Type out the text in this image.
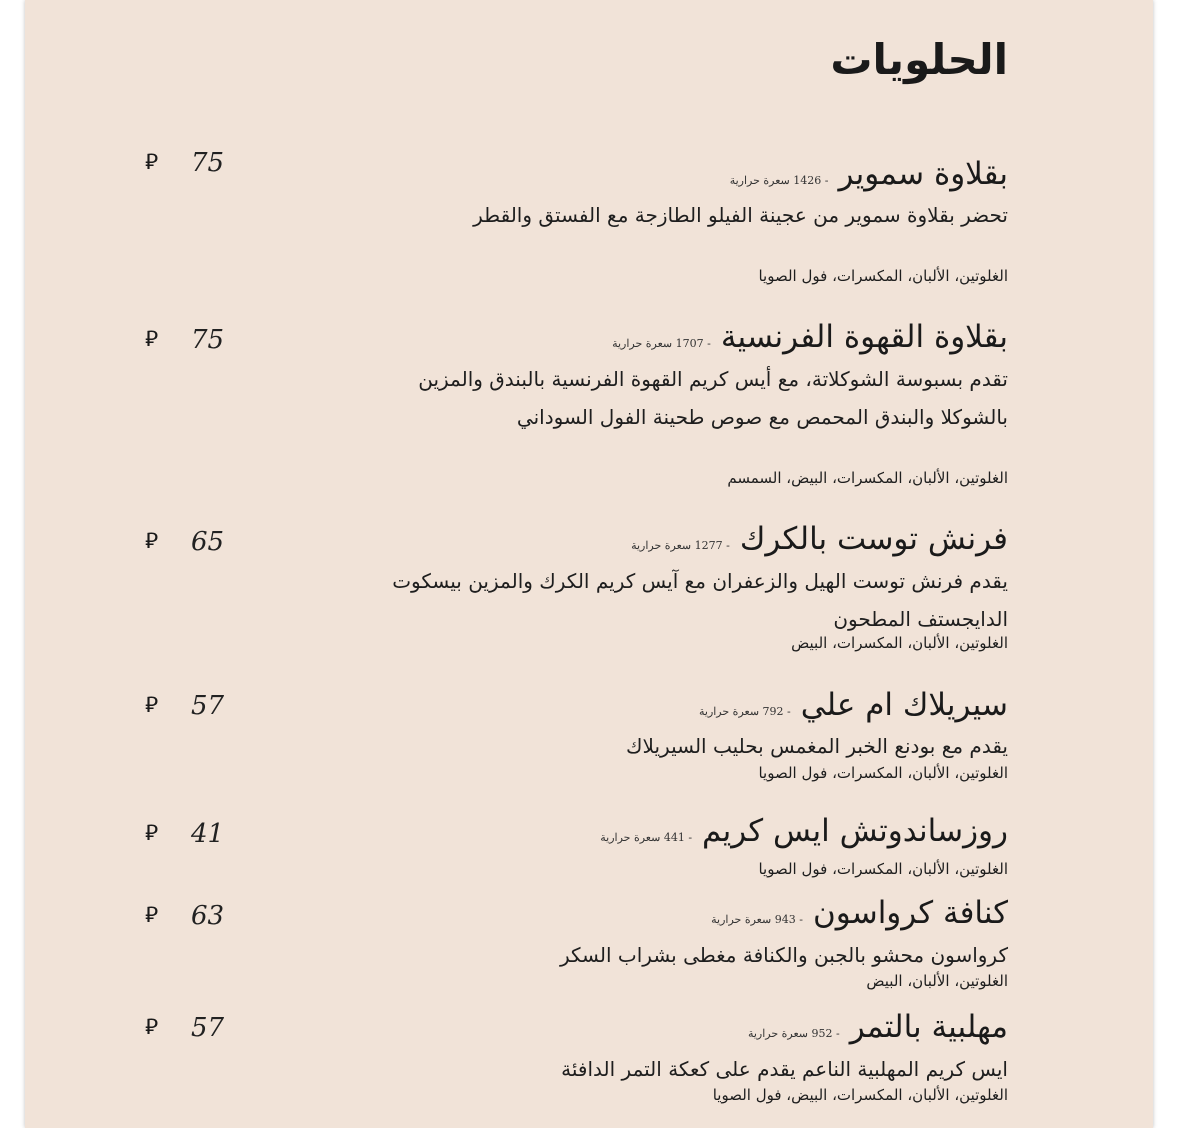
الحلويات
⃁ 75	بقلاوة سموير
- 1426 سعرة حرارية
تحضر بقلاوة سموير من عجينة الفيلو الطازجة مع الفستق والقطر
الغلوتين، الألبان، المكسرات، فول الصويا
⃁ 75	بقلاوة القهوة الفرنسية
- 1707 سعرة حرارية
تقدم بسبوسة الشوكلاتة، مع أيس كريم القهوة الفرنسية بالبندق والمزين بالشوكلا والبندق المحمص مع صوص طحينة الفول السوداني
الغلوتين، الألبان، المكسرات، البيض، السمسم
⃁ 65	فرنش توست بالكرك
- 1277 سعرة حرارية
يقدم فرنش توست الهيل والزعفران مع آيس كريم الكرك والمزين بيسكوت الدايجستف المطحون
الغلوتين، الألبان، المكسرات، البيض
⃁ 57	سيريلاك ام علي
- 792 سعرة حرارية
يقدم مع بودنع الخبر المغمس بحليب السيريلاك
الغلوتين، الألبان، المكسرات، فول الصويا
⃁ 41	روزساندوتش ايس كريم
- 441 سعرة حرارية
الغلوتين، الألبان، المكسرات، فول الصويا
⃁ 63	كنافة كرواسون
- 943 سعرة حرارية
كرواسون محشو بالجبن والكنافة مغطى بشراب السكر
الغلوتين، الألبان، البيض
⃁ 57	مهلبية بالتمر
- 952 سعرة حرارية
ايس كريم المهلبية الناعم يقدم على كعكة التمر الدافئة
الغلوتين، الألبان، المكسرات، البيض، فول الصويا
